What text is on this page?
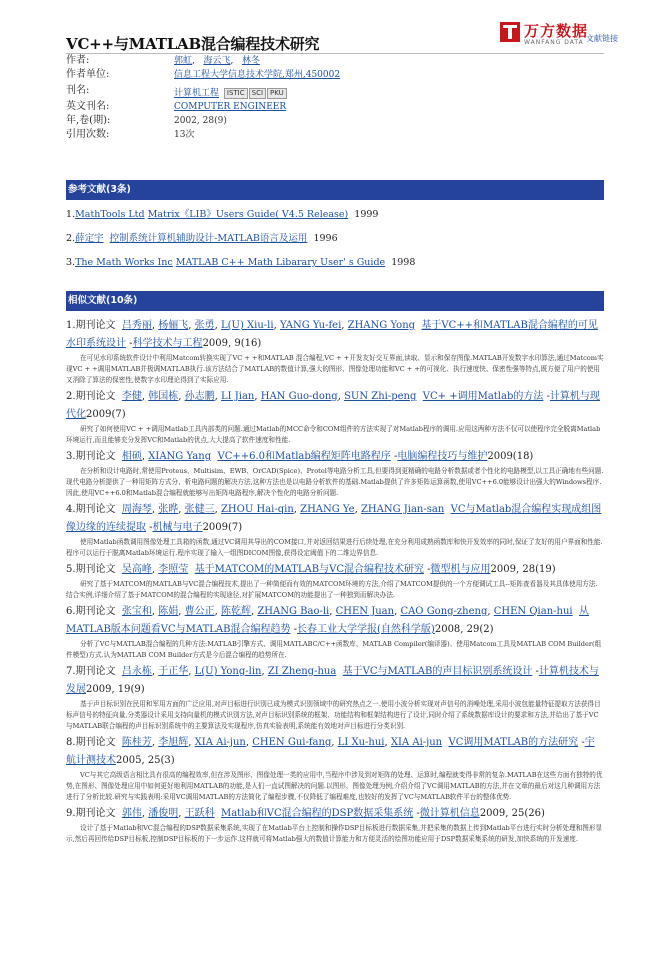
VC++与MATLAB混合编程技术研究
万方数据
WANFANG DATA 文献链接
作者:	郭虹,   海云飞,   林冬
作者单位:	信息工程大学信息技术学院,郑州,450002
刊名:	计算机工程 ISTIC SCI PKU
英文刊名:	COMPUTER ENGINEER
年,卷(期):	2002, 28(9)
引用次数:	13次
参考文献(3条)
1.MathTools Ltd Matrix《LIB》Users Guide( V4.5 Release) 1999
2.薛定宇 控制系统计算机辅助设计-MATLAB语言及运用 1996
3.The Math Works Inc MATLAB C++ Math Libarary User' s Guide 1998
相似文献(10条)
1.期刊论文 吕秀丽, 杨俪飞, 张勇, L(U) Xiu-li, YANG Yu-fei, ZHANG Yong 基于VC++和MATLAB混合编程的可见水印系统设计 -科学技术与工程2009, 9(16)

在可见水印系统软件设计中利用Matcom转换实现了VC + +和MATLAB 混合编程,VC + +开发友好交互界面,读取、显示和保存图像.MATLAB开发数字水印算法,通过Matcom实现VC + +调用MATLAB并极调MATLAB执行.该方法结合了MATLAB的数值计算,强大的图形、图像处理功能和VC + +的可视化、执行速度快、保密性强等特点,既方便了用户的使用又消除了算法的保密性,使数字水印理论得到了实际应用.

2.期刊论文 李健, 韩国栋, 孙志鹏, LI Jian, HAN Guo-dong, SUN Zhi-peng VC+ +调用Matlab的方法 -计算机与现代化2009(7)

研究了如何使用VC + +调用Matlab工具内部类的问题.通过Matlab的MCC命令和COM组件的方法实现了对Matlab程序的调用.应用这两种方法不仅可以使程序完全脱离Matlab环境运行,而且能够充分发挥VC和Matlab的优点,大大提高了软件速度和性能.

3.期刊论文 相硕, XIANG Yang VC++6.0和Matlab编程矩阵电路程序 -电脑编程技巧与维护2009(18)

在分析和设计电路时,常使用Proteus、Multisim、EWB、OrCAD(Spice)、Protel等电路分析工具,但要得到更精确的电路分析数据或者个性化的电路模型,以工具正确地有些问题.现代电路分析提供了一种用矩阵方式分、析电路问题的解决方法,这种方法也是以电路分析软件的基础.Matlab提供了许多矩阵运算函数,使用VC++6.0能够设计出强大的Windows程序.因此,使用VC++6.0和Matlab混合编程就能够写出矩阵电路程序,解决个性化的电路分析问题.

4.期刊论文 周海琴, 张晔, 张健三, ZHOU Hai-qin, ZHANG Ye, ZHANG Jian-san VC与Matlab混合编程实现成组图像边缘的连续提取 -机械与电子2009(7)

使用Matlab函数调用图像处理工具箱的函数,通过VC调用其导出的COM接口,并对返回结果进行后续处理,在充分利用成熟函数库和快开发效率的同时,保证了友好的用户界面和性能.程序可以运行于脱离Matlab环境运行.程序实现了输入一组图DICOM图像,获得设定阈值下的二维边界信息.

5.期刊论文 吴高峰, 李照莹 基于MATCOM的MATLAB与VC混合编程技术研究 -微型机与应用2009, 28(19)

研究了基于MATCOM的MATLAB与VC混合编程技术,提出了一种简便而有效的MATCOM环境的方法,介绍了MATCOM提供的一个方便调试工具--矩阵查看器及其具体使用方法.结合实例,详细介绍了基于MATCOM的混合编程的实现途径,对扩展MATCOM的功能提出了一种独到而解决办法.

6.期刊论文 张宝和, 陈娟, 曹公正, 陈乾辉, ZHANG Bao-li, CHEN Juan, CAO Gong-zheng, CHEN Qian-hui 从MATLAB版本问题看VC与MATLAB混合编程趋势 -长春工业大学学报(自然科学版)2008, 29(2)

分析了VC与MATLAB混合编程的几种方法:MATLAB引擎方式、调用MATLABC/C++函数库、MATLAB Compiler(编译器)、使用Matcom工具及MATLAB COM Builder(组件模型)方式.认为MATLAB COM Builder方式是今后混合编程的趋势所在.

7.期刊论文 吕永栋, 于正华, L(U) Yong-lin, ZI Zheng-hua 基于VC与MATLAB的声目标识别系统设计 -计算机技术与发展2009, 19(9)

基于声目标识别在民用和军用方面的广泛应用,对声目标进行识别已成为模式识别领域中的研究热点之一.使用小波分析实现对声信号的消噪处理,采用小波包能量特征提取方法获得目标声信号的特征向量,分类器设计采用支持向量机的模式识别方法,对声目标识别系统的框架、功能结构和框架结构进行了设计,同时介绍了系统数据库设计的要求和方法,并给出了基于VC与MATLAB联合编程的声目标识别系统中的主要算法及实现程序,仿真实验表明,系统能有效地对声目标进行分类识别.

8.期刊论文 陈桂芳, 李旭辉, XIA Ai-jun, CHEN Gui-fang, LI Xu-hui, XIA Ai-jun VC调用MATLAB的方法研究 -宇航计测技术2005, 25(3)

VC与其它高级语言相比具有很高的编程效率,但在涉及图形、图像处理一类的应用中,当程序中涉及到对矩阵的处理、运算时,编程就变得非常的复杂.MATLAB在这些方面有独特的优势,在图形、图像处理应用中如何更好地利用MATLAB的功能,是人们一直试图解决的问题.以图形、图像处理为例,介绍介绍了VC调用MATLAB的方法,并在文章的最后对这几种调用方法进行了分析比较.研究与实践表明:采用VC调用MATLAB的方法简化了编程步骤,不仅降低了编程难度,也较好的发挥了VC与MATLAB软件平台的整体优势.

9.期刊论文 郭伟, 潘俊明, 王跃科 Matlab和VC混合编程的DSP数据采集系统 -微计算机信息2009, 25(26)

设计了基于Matlab和VC混合编程的DSP数据采集系统,实现了在Matlab平台上控制和操作DSP目标板进行数据采集,并把采集的数据上传到Matlab平台进行实时分析处理和图形显示,然后再回传给DSP目标板,控制DSP目标板的下一步运作.这样就可将Matlab强大的数值计算能力和方便灵活的绘图功能应用于DSP数据采集系统的研发,加快系统的开发速度.
